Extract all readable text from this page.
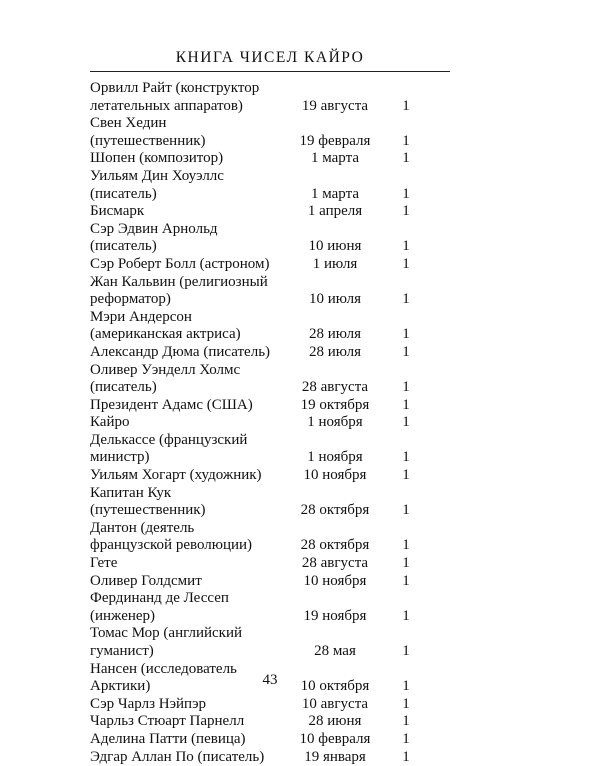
КНИГА ЧИСЕЛ КАЙРО
Орвилл Райт (конструктор
летательных аппаратов)	19 августа	1
Свен Хедин
(путешественник)	19 февраля	1
Шопен (композитор)	1 марта	1
Уильям Дин Хоуэллс
(писатель)	1 марта	1
Бисмарк	1 апреля	1
Сэр Эдвин Арнольд
(писатель)	10 июня	1
Сэр Роберт Болл (астроном)	1 июля	1
Жан Кальвин (религиозный
реформатор)	10 июля	1
Мэри Андерсон
(американская актриса)	28 июля	1
Александр Дюма (писатель)	28 июля	1
Оливер Уэнделл Холмс
(писатель)	28 августа	1
Президент Адамс (США)	19 октября	1
Кайро	1 ноября	1
Делькассе (французский
министр)	1 ноября	1
Уильям Хогарт (художник)	10 ноября	1
Капитан Кук
(путешественник)	28 октября	1
Дантон (деятель
французской революции)	28 октября	1
Гете	28 августа	1
Оливер Голдсмит	10 ноября	1
Фердинанд де Лессеп
(инженер)	19 ноября	1
Томас Мор (английский
гуманист)	28 мая	1
Нансен (исследователь
Арктики)	10 октября	1
Сэр Чарлз Нэйпэр	10 августа	1
Чарльз Стюарт Парнелл	28 июня	1
Аделина Патти (певица)	10 февраля	1
Эдгар Аллан По (писатель)	19 января	1
43
